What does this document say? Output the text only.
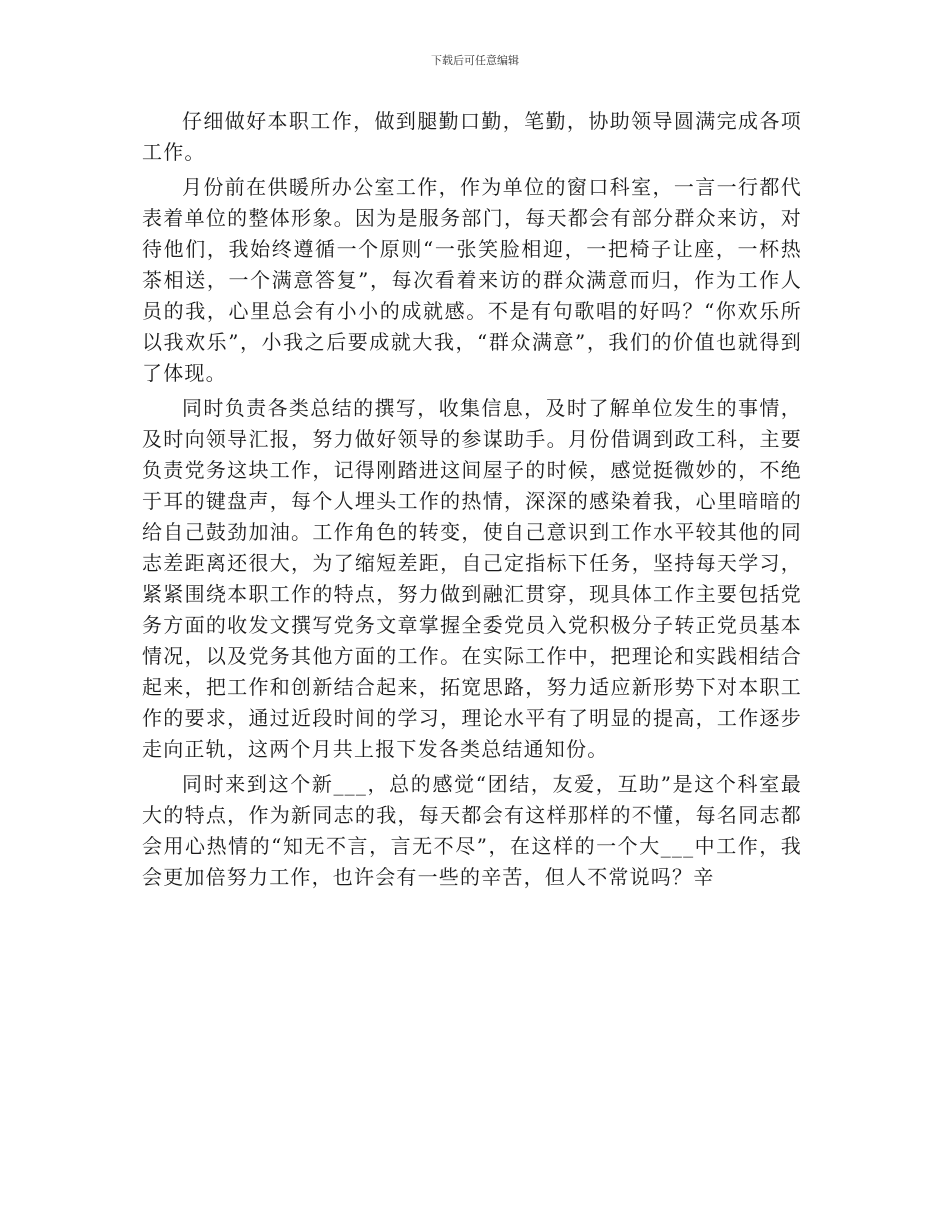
下载后可任意编辑

仔细做好本职工作，做到腿勤口勤，笔勤，协助领导圆满完成各项工作。

月份前在供暖所办公室工作，作为单位的窗口科室，一言一行都代表着单位的整体形象。因为是服务部门，每天都会有部分群众来访，对待他们，我始终遵循一个原则“一张笑脸相迎，一把椅子让座，一杯热茶相送，一个满意答复”，每次看着来访的群众满意而归，作为工作人员的我，心里总会有小小的成就感。不是有句歌唱的好吗？“你欢乐所以我欢乐”，小我之后要成就大我，“群众满意”，我们的价值也就得到了体现。

同时负责各类总结的撰写，收集信息，及时了解单位发生的事情，及时向领导汇报，努力做好领导的参谋助手。月份借调到政工科，主要负责党务这块工作，记得刚踏进这间屋子的时候，感觉挺微妙的，不绝于耳的键盘声，每个人埋头工作的热情，深深的感染着我，心里暗暗的给自己鼓劲加油。工作角色的转变，使自己意识到工作水平较其他的同志差距离还很大，为了缩短差距，自己定指标下任务，坚持每天学习，紧紧围绕本职工作的特点，努力做到融汇贯穿，现具体工作主要包括党务方面的收发文撰写党务文章掌握全委党员入党积极分子转正党员基本情况，以及党务其他方面的工作。在实际工作中，把理论和实践相结合起来，把工作和创新结合起来，拓宽思路，努力适应新形势下对本职工作的要求，通过近段时间的学习，理论水平有了明显的提高，工作逐步走向正轨，这两个月共上报下发各类总结通知份。

同时来到这个新___，总的感觉“团结，友爱，互助”是这个科室最大的特点，作为新同志的我，每天都会有这样那样的不懂，每名同志都会用心热情的“知无不言，言无不尽”，在这样的一个大___中工作，我会更加倍努力工作，也许会有一些的辛苦，但人不常说吗？辛
